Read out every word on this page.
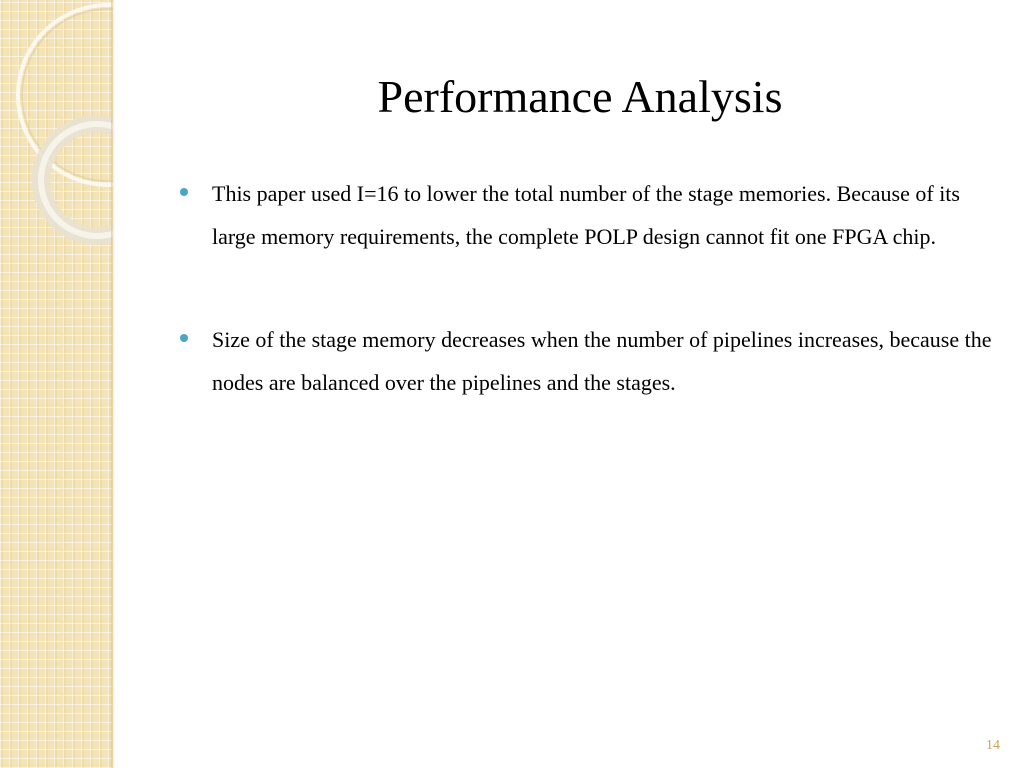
Performance Analysis
This paper used I=16 to lower the total number of the stage memories. Because of its large memory requirements, the complete POLP design cannot fit one FPGA chip.
Size of the stage memory decreases when the number of pipelines increases, because the nodes are balanced over the pipelines and the stages.
14
